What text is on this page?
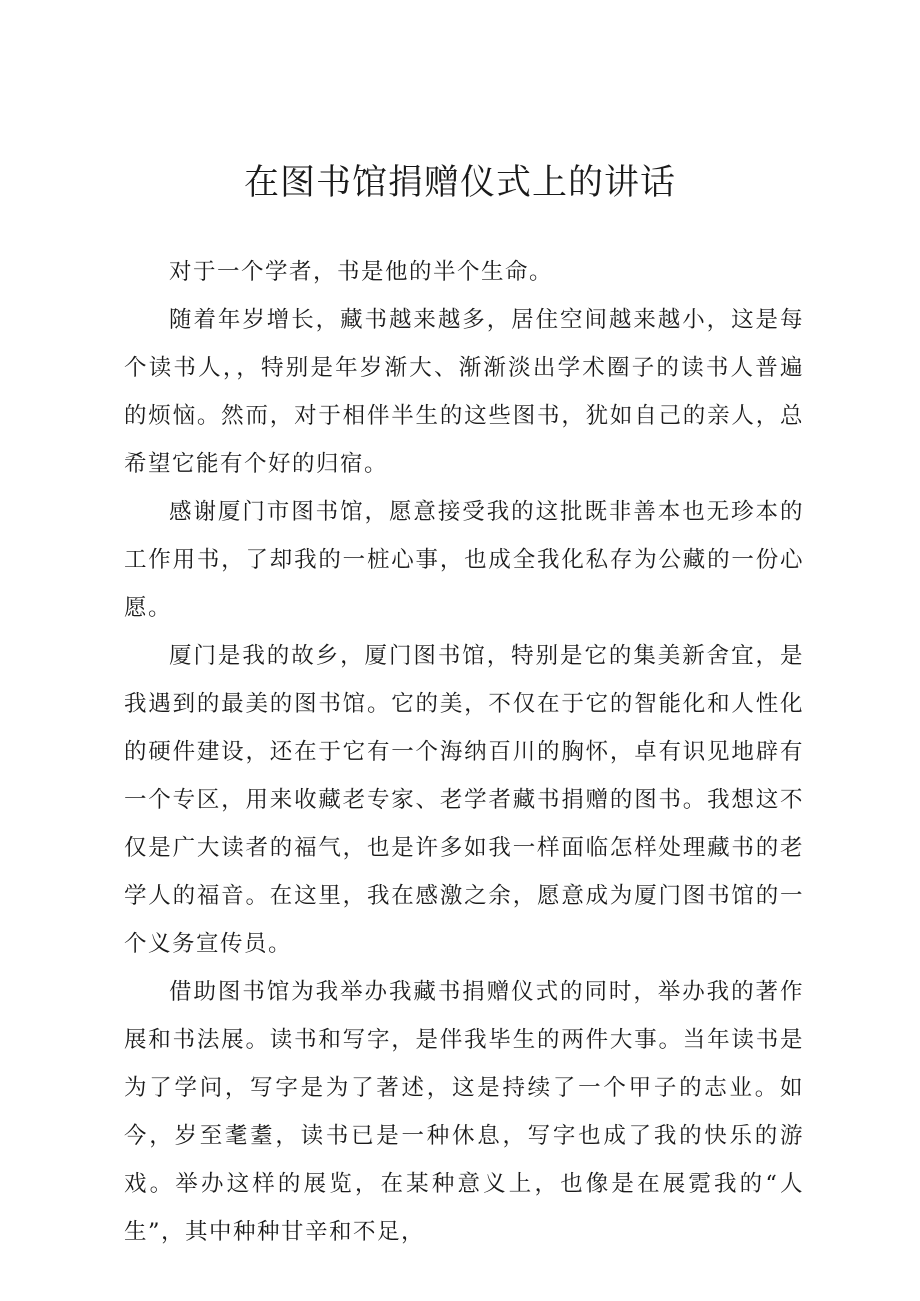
在图书馆捐赠仪式上的讲话

对于一个学者，书是他的半个生命。

随着年岁增长，藏书越来越多，居住空间越来越小，这是每个读书人，，特别是年岁渐大、渐渐淡出学术圈子的读书人普遍的烦恼。然而，对于相伴半生的这些图书，犹如自己的亲人，总希望它能有个好的归宿。

感谢厦门市图书馆，愿意接受我的这批既非善本也无珍本的工作用书，了却我的一桩心事，也成全我化私存为公藏的一份心愿。

厦门是我的故乡，厦门图书馆，特别是它的集美新舍宜，是我遇到的最美的图书馆。它的美，不仅在于它的智能化和人性化的硬件建设，还在于它有一个海纳百川的胸怀，卓有识见地辟有一个专区，用来收藏老专家、老学者藏书捐赠的图书。我想这不仅是广大读者的福气，也是许多如我一样面临怎样处理藏书的老学人的福音。在这里，我在感激之余，愿意成为厦门图书馆的一个义务宣传员。

借助图书馆为我举办我藏书捐赠仪式的同时，举办我的著作展和书法展。读书和写字，是伴我毕生的两件大事。当年读书是为了学问，写字是为了著述，这是持续了一个甲子的志业。如今，岁至耄耋，读书已是一种休息，写字也成了我的快乐的游戏。举办这样的展览，在某种意义上，也像是在展霓我的“人生”，其中种种甘辛和不足，
